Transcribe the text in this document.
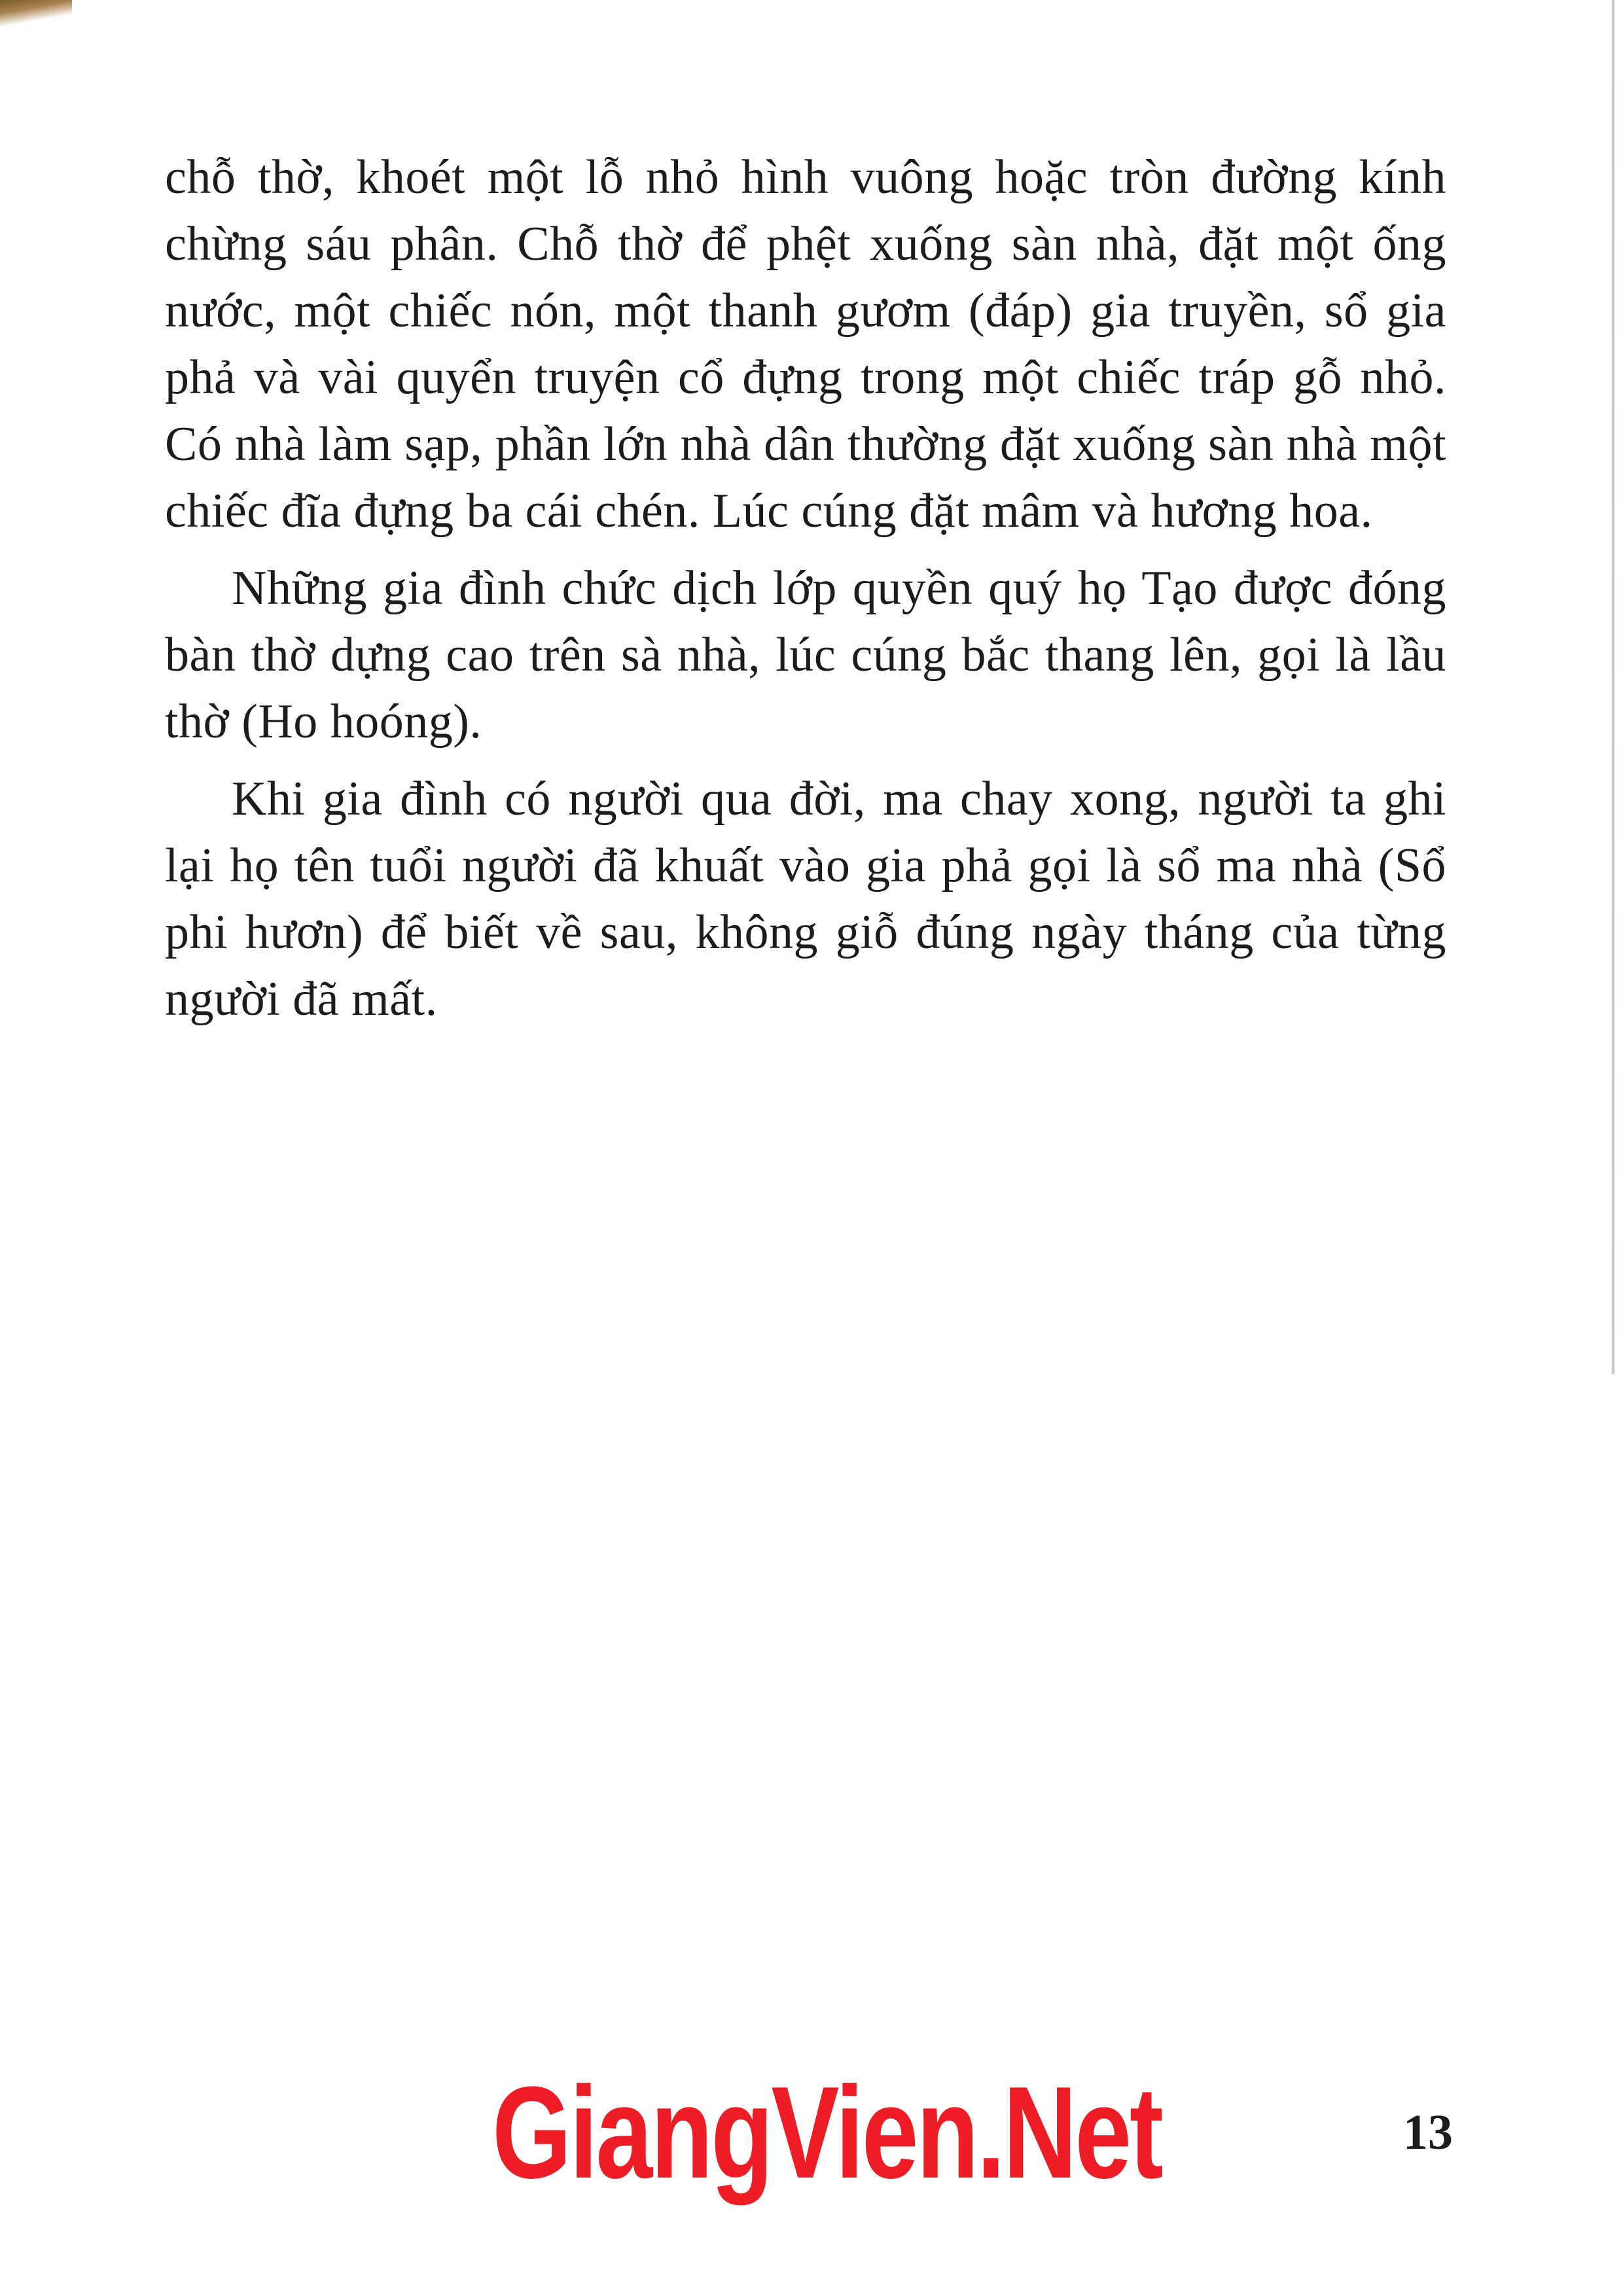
chỗ thờ, khoét một lỗ nhỏ hình vuông hoặc tròn đường kính chừng sáu phân. Chỗ thờ để phệt xuống sàn nhà, đặt một ống nước, một chiếc nón, một thanh gươm (đáp) gia truyền, sổ gia phả và vài quyển truyện cổ đựng trong một chiếc tráp gỗ nhỏ. Có nhà làm sạp, phần lớn nhà dân thường đặt xuống sàn nhà một chiếc đĩa đựng ba cái chén. Lúc cúng đặt mâm và hương hoa.

Những gia đình chức dịch lớp quyền quý họ Tạo được đóng bàn thờ dựng cao trên sà nhà, lúc cúng bắc thang lên, gọi là lầu thờ (Ho hoóng).

Khi gia đình có người qua đời, ma chay xong, người ta ghi lại họ tên tuổi người đã khuất vào gia phả gọi là sổ ma nhà (Sổ phi hươn) để biết về sau, không giỗ đúng ngày tháng của từng người đã mất.

GiangVien.Net	13
